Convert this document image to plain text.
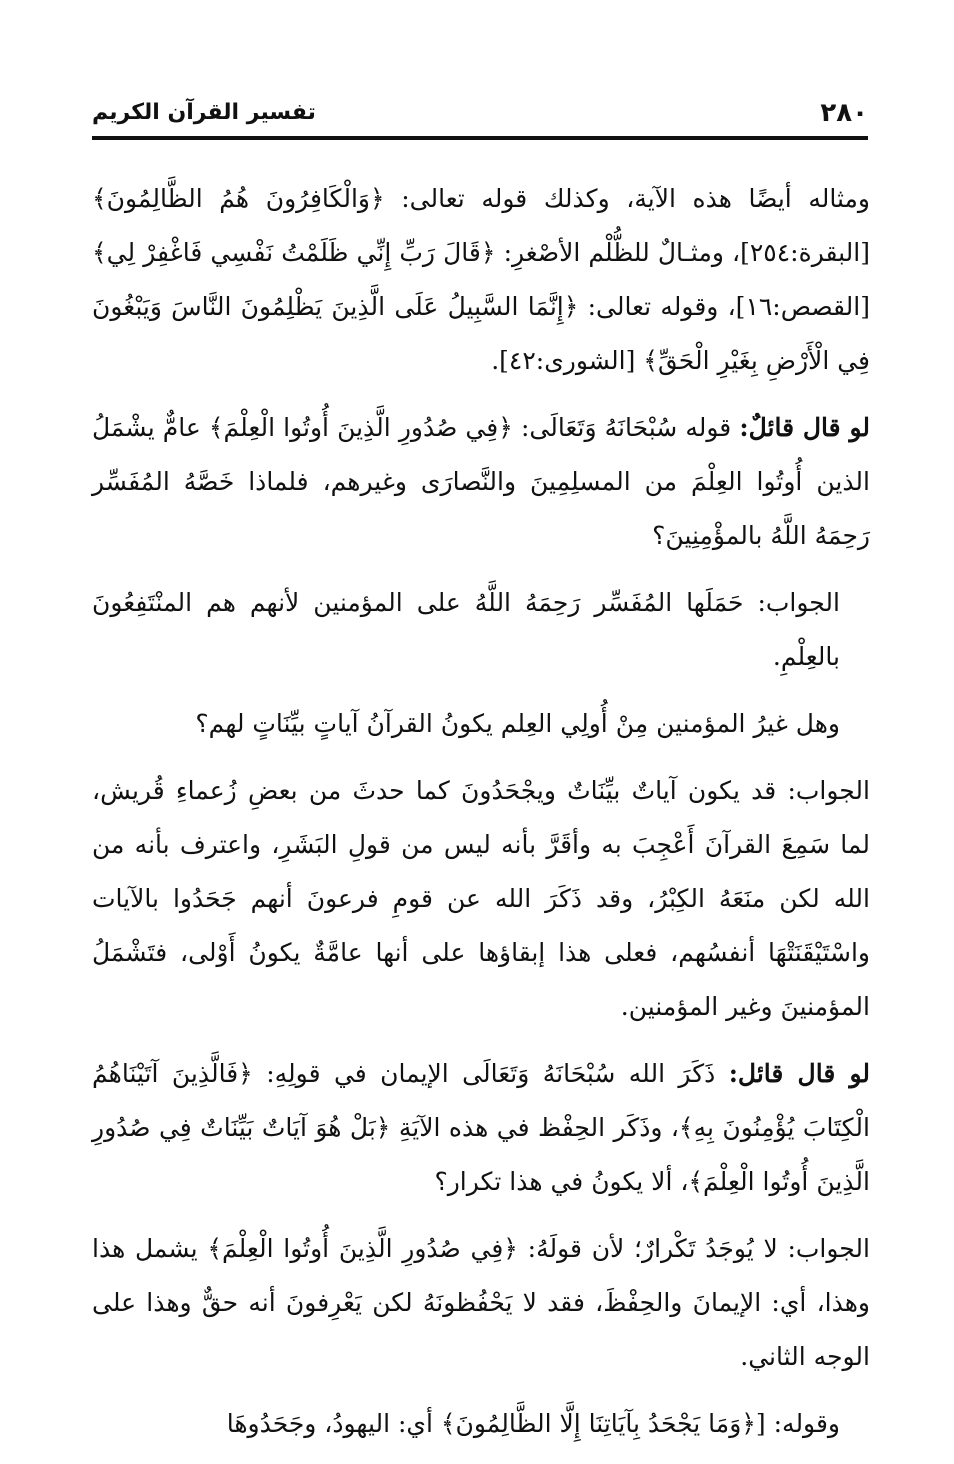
٢٨٠
تفسير القرآن الكريم

ومثاله أيضًا هذه الآية، وكذلك قوله تعالى: ﴿وَالْكَافِرُونَ هُمُ الظَّالِمُونَ﴾ [البقرة:٢٥٤]، ومثـالٌ للظُّلْم الأصْغرِ: ﴿قَالَ رَبِّ إِنِّي ظَلَمْتُ نَفْسِي فَاغْفِرْ لِي﴾ [القصص:١٦]، وقوله تعالى: ﴿إِنَّمَا السَّبِيلُ عَلَى الَّذِينَ يَظْلِمُونَ النَّاسَ وَيَبْغُونَ فِي الْأَرْضِ بِغَيْرِ الْحَقِّ﴾ [الشورى:٤٢].

لو قال قائلٌ: قوله سُبْحَانَهُ وَتَعَالَى: ﴿فِي صُدُورِ الَّذِينَ أُوتُوا الْعِلْمَ﴾ عامٌّ يشْمَلُ الذين أُوتُوا العِلْمَ من المسلِمِينَ والنَّصارَى وغيرهم، فلماذا خَصَّهُ المُفَسِّر رَحِمَهُ اللَّهُ بالمؤْمِنِينَ؟

الجواب: حَمَلَها المُفَسِّر رَحِمَهُ اللَّهُ على المؤمنين لأنهم هم المنْتَفِعُونَ بالعِلْمِ.

وهل غيرُ المؤمنين مِنْ أُولِي العِلم يكونُ القرآنُ آياتٍ بيِّنَاتٍ لهم؟

الجواب: قد يكون آياتٌ بيِّنَاتٌ ويجْحَدُونَ كما حدثَ من بعضِ زُعماءِ قُريش، لما سَمِعَ القرآنَ أَعْجِبَ به وأقَرَّ بأنه ليس من قولِ البَشَرِ، واعترف بأنه من الله لكن منَعَهُ الكِبْرُ، وقد ذَكَرَ الله عن قومِ فرعونَ أنهم جَحَدُوا بالآيات واسْتَيْقَنَتْهَا أنفسُهم، فعلى هذا إبقاؤها على أنها عامَّةٌ يكونُ أَوْلى، فتَشْمَلُ المؤمنينَ وغير المؤمنين.

لو قال قائل: ذَكَرَ الله سُبْحَانَهُ وَتَعَالَى الإيمان في قولِهِ: ﴿فَالَّذِينَ آتَيْنَاهُمُ الْكِتَابَ يُؤْمِنُونَ بِهِ﴾، وذَكَر الحِفْظ في هذه الآيَةِ ﴿بَلْ هُوَ آيَاتٌ بَيِّنَاتٌ فِي صُدُورِ الَّذِينَ أُوتُوا الْعِلْمَ﴾، ألا يكونُ في هذا تكرار؟

الجواب: لا يُوجَدُ تَكْرارٌ؛ لأن قولَهُ: ﴿فِي صُدُورِ الَّذِينَ أُوتُوا الْعِلْمَ﴾ يشمل هذا وهذا، أي: الإيمانَ والحِفْظَ، فقد لا يَحْفُظونَهُ لكن يَعْرِفونَ أنه حقٌّ وهذا على الوجه الثاني.

وقوله: [﴿وَمَا يَجْحَدُ بِآيَاتِنَا إِلَّا الظَّالِمُونَ﴾ أي: اليهودُ، وجَحَدُوهَا
